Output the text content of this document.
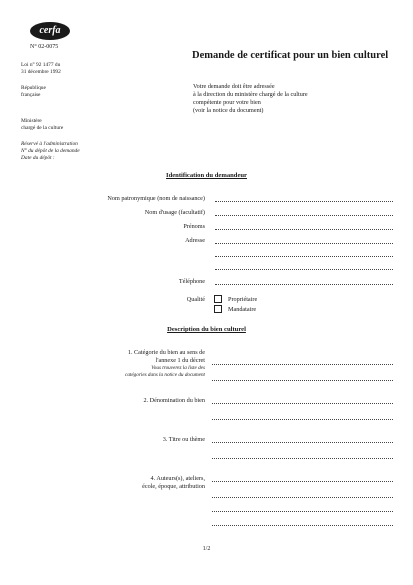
cerfa
N° 02-0075
Demande de certificat pour un bien culturel
Loi n° 92 1477 du
31 décembre 1992
République
française
Ministère
chargé de la culture
Réservé à l'administration
N° du dépôt de la demande
Date du dépôt :
Votre demande doit être adressée
à la direction du ministère chargé de la culture
compétente pour votre bien
(voir la notice du document)
Identification du demandeur
Nom patronymique (nom de naissance)
Nom d'usage (facultatif)
Prénoms
Adresse
Téléphone
Qualité	Propriétaire
Mandataire
Description du bien culturel
1. Catégorie du bien au sens de
l'annexe 1 du décret
Vous trouverez la liste des
catégories dans la notice du document
2. Dénomination du bien
3. Titre ou thème
4. Auteurs(s), ateliers,
école, époque, attribution
1/2
